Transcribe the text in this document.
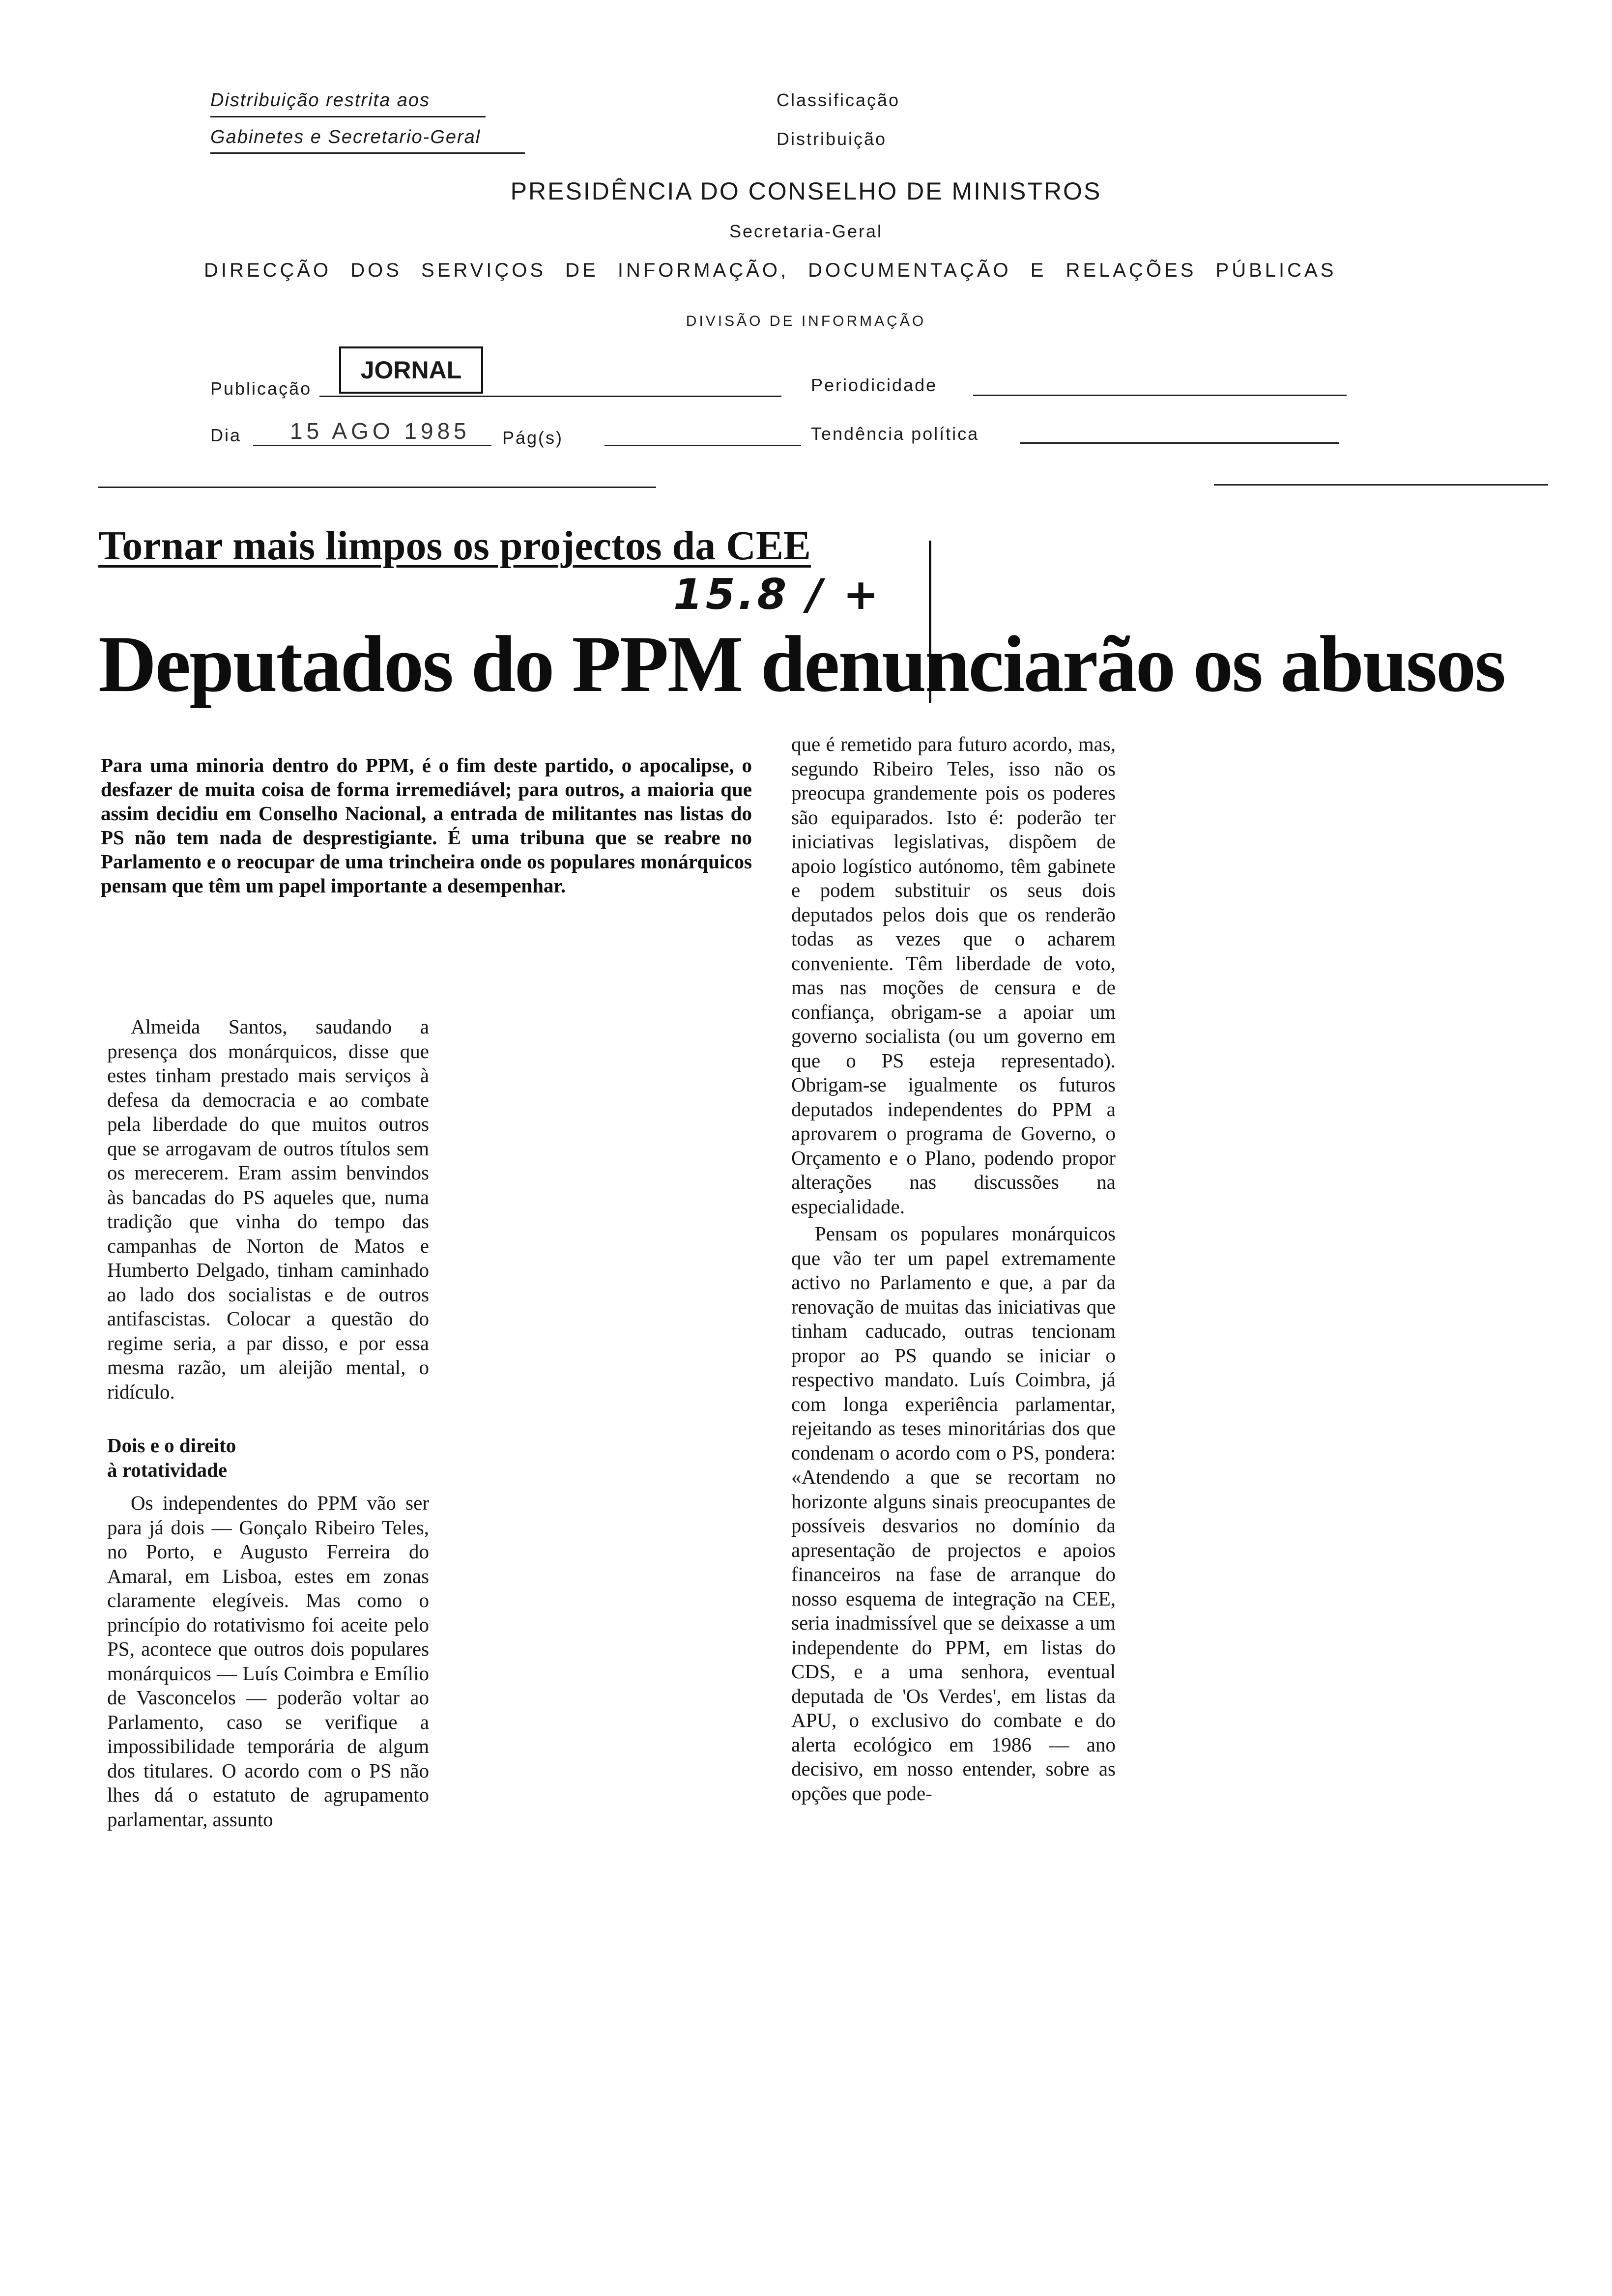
Distribuição restrita aos
Gabinetes e Secretario-Geral
Classificação
Distribuição
PRESIDÊNCIA DO CONSELHO DE MINISTROS
Secretaria-Geral
DIRECÇÃO DOS SERVIÇOS DE INFORMAÇÃO, DOCUMENTAÇÃO E RELAÇÕES PÚBLICAS
DIVISÃO DE INFORMAÇÃO
Publicação
JORNAL
Periodicidade
Dia 15 AGO 1985 Pág(s)	Tendência política
Tornar mais limpos os projectos da CEE
15.8 / +
Deputados do PPM denunciarão os abusos
Para uma minoria dentro do PPM, é o fim deste partido, o apocalipse, o desfazer de muita coisa de forma irremediável; para outros, a maioria que assim decidiu em Conselho Nacional, a entrada de militantes nas listas do PS não tem nada de desprestigiante. É uma tribuna que se reabre no Parlamento e o reocupar de uma trincheira onde os populares monárquicos pensam que têm um papel importante a desempenhar.

Almeida Santos, saudando a presença dos monárquicos, disse que estes tinham prestado mais serviços à defesa da democracia e ao combate pela liberdade do que muitos outros que se arrogavam de outros títulos sem os merecerem. Eram assim benvindos às bancadas do PS aqueles que, numa tradição que vinha do tempo das campanhas de Norton de Matos e Humberto Delgado, tinham caminhado ao lado dos socialistas e de outros antifascistas. Colocar a questão do regime seria, a par disso, e por essa mesma razão, um aleijão mental, o ridículo.

Dois e o direito

à rotatividade

Os independentes do PPM vão ser para já dois — Gonçalo Ribeiro Teles, no Porto, e Augusto Ferreira do Amaral, em Lisboa, estes em zonas claramente elegíveis. Mas como o princípio do rotativismo foi aceite pelo PS, acontece que outros dois populares monárquicos — Luís Coimbra e Emílio de Vasconcelos — poderão voltar ao Parlamento, caso se verifique a impossibilidade temporária de algum dos titulares. O acordo com o PS não lhes dá o estatuto de agrupamento parlamentar, assunto

que é remetido para futuro acordo, mas, segundo Ribeiro Teles, isso não os preocupa grandemente pois os poderes são equiparados. Isto é: poderão ter iniciativas legislativas, dispõem de apoio logístico autónomo, têm gabinete e podem substituir os seus dois deputados pelos dois que os renderão todas as vezes que o acharem conveniente. Têm liberdade de voto, mas nas moções de censura e de confiança, obrigam-se a apoiar um governo socialista (ou um governo em que o PS esteja representado). Obrigam-se igualmente os futuros deputados independentes do PPM a aprovarem o programa de Governo, o Orçamento e o Plano, podendo propor alterações nas discussões na especialidade.

Pensam os populares monárquicos que vão ter um papel extremamente activo no Parlamento e que, a par da renovação de muitas das iniciativas que tinham caducado, outras tencionam propor ao PS quando se iniciar o respectivo mandato. Luís Coimbra, já com longa experiência parlamentar, rejeitando as teses minoritárias dos que condenam o acordo com o PS, pondera: «Atendendo a que se recortam no horizonte alguns sinais preocupantes de possíveis desvarios no domínio da apresentação de projectos e apoios financeiros na fase de arranque do nosso esquema de integração na CEE, seria inadmissível que se deixasse a um independente do PPM, em listas do CDS, e a uma senhora, eventual deputada de 'Os Verdes', em listas da APU, o exclusivo do combate e do alerta ecológico em 1986 — ano decisivo, em nosso entender, sobre as opções que pode-
